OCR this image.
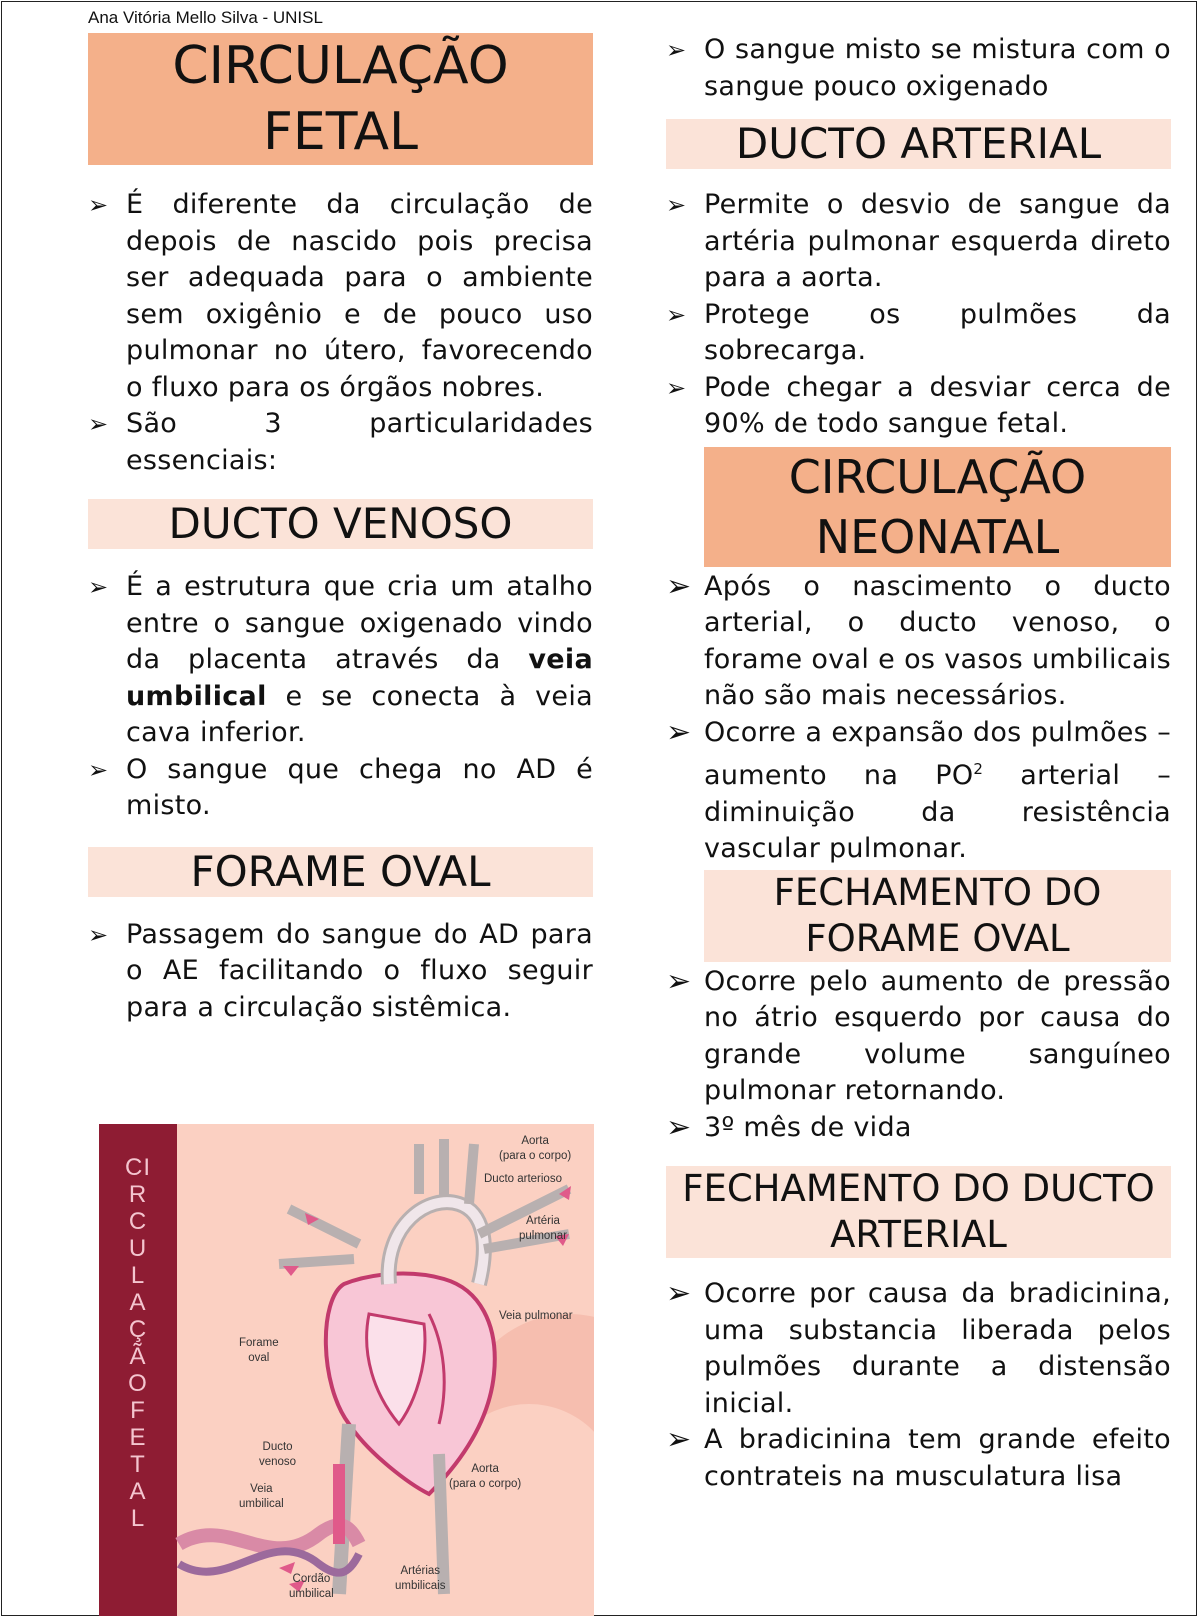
Ana Vitória Mello Silva - UNISL
CIRCULAÇÃO
FETAL
➢ É diferente da circulação de depois de nascido pois precisa ser adequada para o ambiente sem oxigênio e de pouco uso pulmonar no útero, favorecendo o fluxo para os órgãos nobres.
➢ São 3 particularidades essenciais:
DUCTO VENOSO
➢ É a estrutura que cria um atalho entre o sangue oxigenado vindo da placenta através da veia umbilical e se conecta à veia cava inferior.
➢ O sangue que chega no AD é misto.
FORAME OVAL
➢ Passagem do sangue do AD para o AE facilitando o fluxo seguir para a circulação sistêmica.
CIRCULAÇÃO FETAL
Aorta
(para o corpo)
Ducto arterioso
Artéria
pulmonar
Veia pulmonar
Forame
oval
Ducto
venoso
Veia
umbilical
Aorta
(para o corpo)
Cordão
umbilical
Artérias
umbilicais
➢ O sangue misto se mistura com o sangue pouco oxigenado
DUCTO ARTERIAL
➢ Permite o desvio de sangue da artéria pulmonar esquerda direto para a aorta.
➢ Protege os pulmões da sobrecarga.
➢ Pode chegar a desviar cerca de 90% de todo sangue fetal.
CIRCULAÇÃO
NEONATAL
➢ Após o nascimento o ducto arterial, o ducto venoso, o forame oval e os vasos umbilicais não são mais necessários.
➢ Ocorre a expansão dos pulmões – aumento na $PO^2$ arterial – diminuição da resistência vascular pulmonar.
FECHAMENTO DO
FORAME OVAL
➢ Ocorre pelo aumento de pressão no átrio esquerdo por causa do grande volume sanguíneo pulmonar retornando.
➢ 3º mês de vida
FECHAMENTO DO DUCTO
ARTERIAL
➢ Ocorre por causa da bradicinina, uma substancia liberada pelos pulmões durante a distensão inicial.
➢ A bradicinina tem grande efeito contrateis na musculatura lisa
